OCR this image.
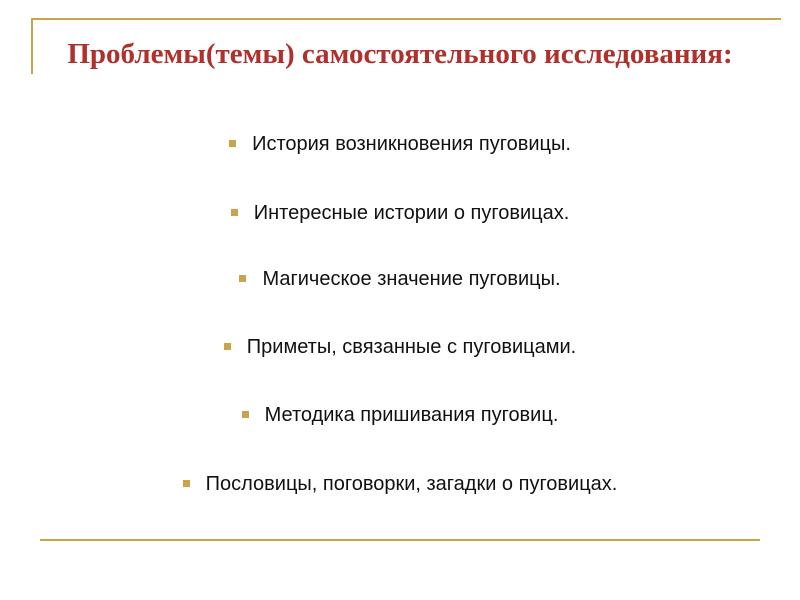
Проблемы(темы) самостоятельного исследования:
История возникновения пуговицы.
Интересные истории о пуговицах.
Магическое значение пуговицы.
Приметы, связанные с пуговицами.
Методика пришивания пуговиц.
Пословицы, поговорки, загадки о пуговицах.
